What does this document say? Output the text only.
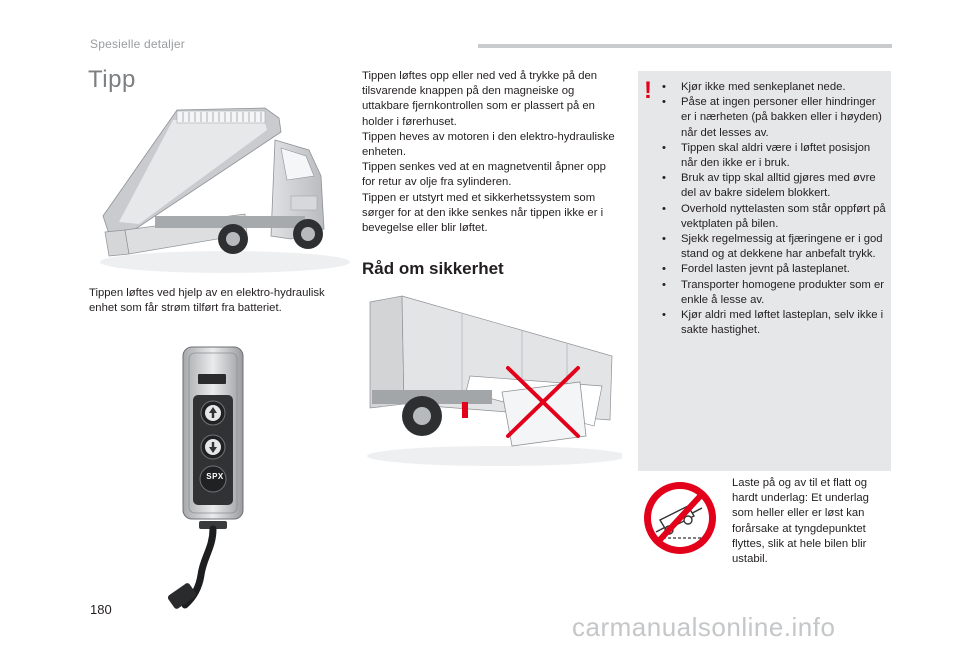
Spesielle detaljer
Tipp
Tippen løftes ved hjelp av en elektro-hydraulisk enhet som får strøm tilført fra batteriet.
SPX

Tippen løftes opp eller ned ved å trykke på den tilsvarende knappen på den magneiske og uttakbare fjernkontrollen som er plassert på en holder i førerhuset.

Tippen heves av motoren i den elektro-hydrauliske enheten.

Tippen senkes ved at en magnetventil åpner opp for retur av olje fra sylinderen.

Tippen er utstyrt med et sikkerhetssystem som sørger for at den ikke senkes når tippen ikke er i bevegelse eller blir løftet.

Råd om sikkerhet
!
•	Kjør ikke med senkeplanet nede.
• Påse at ingen personer eller hindringer er i nærheten (på bakken eller i høyden) når det lesses av.
• Tippen skal aldri være i løftet posisjon når den ikke er i bruk.
• Bruk av tipp skal alltid gjøres med øvre del av bakre sidelem blokkert.
• Overhold nyttelasten som står oppført på vektplaten på bilen.
• Sjekk regelmessig at fjæringene er i god stand og at dekkene har anbefalt trykk.
• Fordel lasten jevnt på lasteplanet.
• Transporter homogene produkter som er enkle å lesse av.
• Kjør aldri med løftet lasteplan, selv ikke i sakte hastighet.
Laste på og av til et flatt og hardt underlag: Et underlag som heller eller er løst kan forårsake at tyngdepunktet flyttes, slik at hele bilen blir ustabil.
180
carmanualsonline.info
